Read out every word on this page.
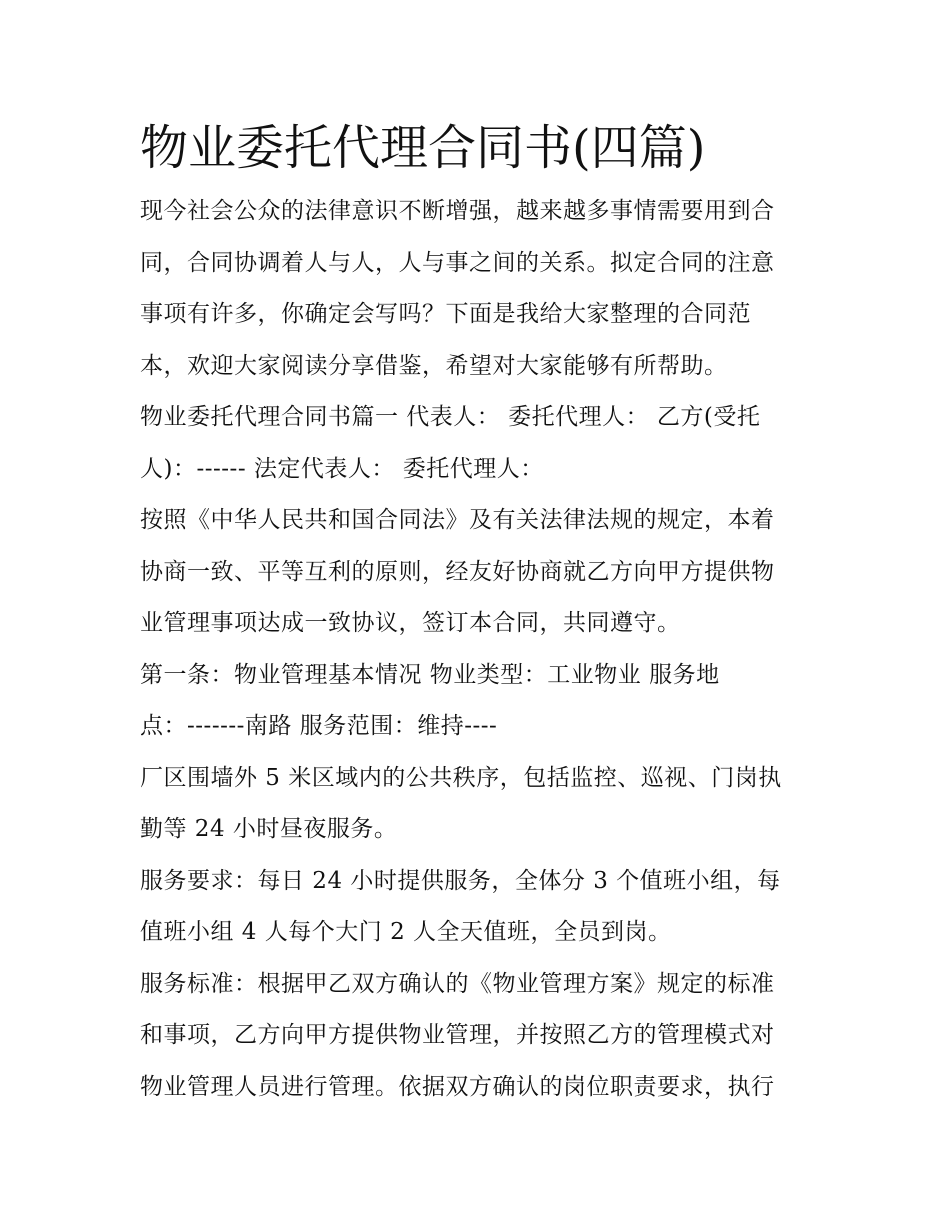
物业委托代理合同书(四篇)

现今社会公众的法律意识不断增强，越来越多事情需要用到合
同，合同协调着人与人，人与事之间的关系。拟定合同的注意
事项有许多，你确定会写吗？下面是我给大家整理的合同范
本，欢迎大家阅读分享借鉴，希望对大家能够有所帮助。

物业委托代理合同书篇一 代表人： 委托代理人： 乙方(受托
人)：------ 法定代表人： 委托代理人：

按照《中华人民共和国合同法》及有关法律法规的规定，本着
协商一致、平等互利的原则，经友好协商就乙方向甲方提供物
业管理事项达成一致协议，签订本合同，共同遵守。

第一条：物业管理基本情况 物业类型：工业物业 服务地
点：-------南路 服务范围：维持----

厂区围墙外 5 米区域内的公共秩序，包括监控、巡视、门岗执
勤等 24 小时昼夜服务。

服务要求：每日 24 小时提供服务，全体分 3 个值班小组，每
值班小组 4 人每个大门 2 人全天值班，全员到岗。

服务标准：根据甲乙双方确认的《物业管理方案》规定的标准
和事项，乙方向甲方提供物业管理，并按照乙方的管理模式对
物业管理人员进行管理。依据双方确认的岗位职责要求，执行
